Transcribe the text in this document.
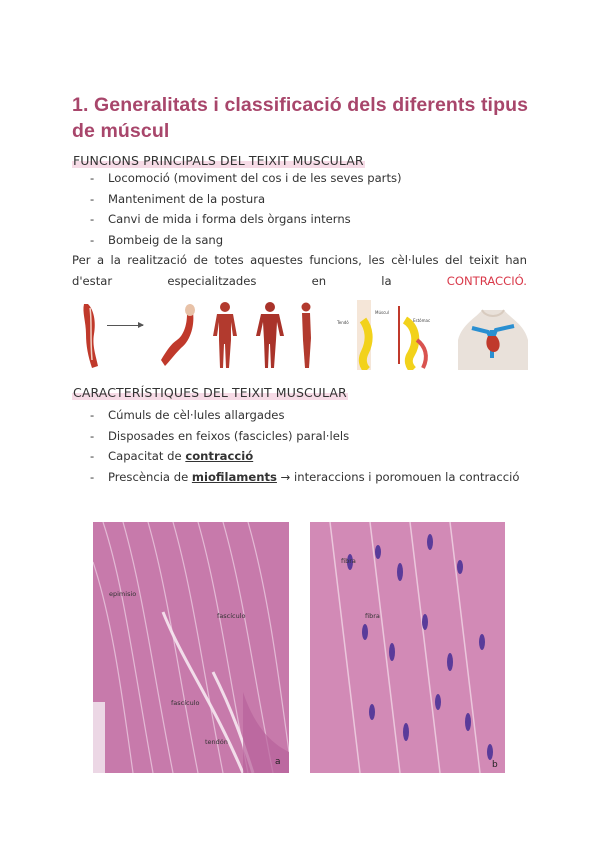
1. Generalitats i classificació dels diferents tipus de múscul
FUNCIONS PRINCIPALS DEL TEIXIT MUSCULAR
- Locomoció (moviment del cos i de les seves parts)
- Manteniment de la postura
- Canvi de mida i forma dels òrgans interns
- Bombeig de la sang
Per a la realització de totes aquestes funcions, les cèl·lules del teixit han
d'estar	especialitzades	en	la	CONTRACCIÓ.
Tendó
Múscul
Estómac
CARACTERÍSTIQUES DEL TEIXIT MUSCULAR
- Cúmuls de cèl·lules allargades
- Disposades en feixos (fascicles) paral·lels
- Capacitat de contracció
- Prescència de miofilaments → interaccions i poromouen la contracció
epimisio
fascículo
fascículo
tendón
a
fibra
fibra
b
